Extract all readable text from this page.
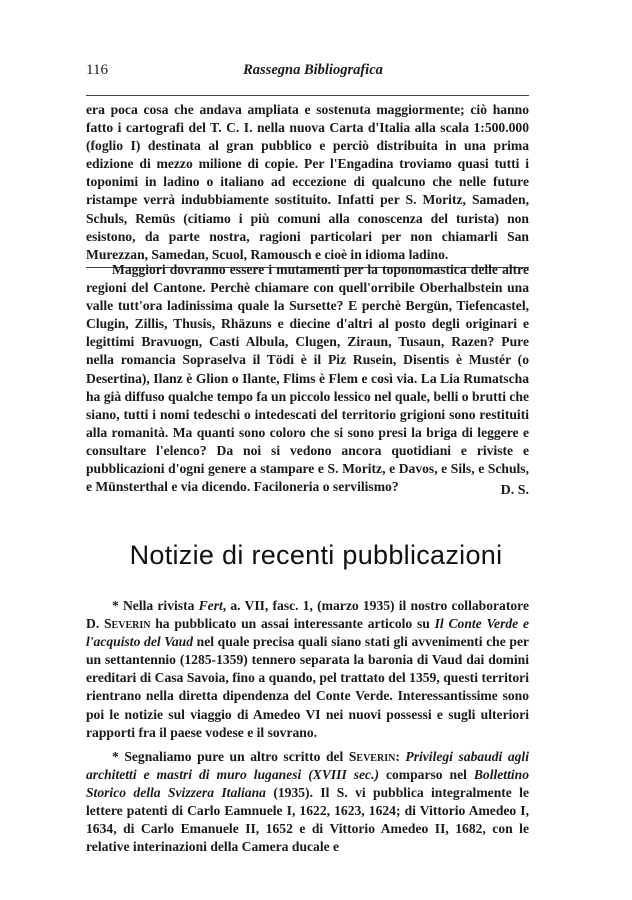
116	Rassegna Bibliografica

era poca cosa che andava ampliata e sostenuta maggiormente; ciò hanno fatto i cartografi del T. C. I. nella nuova Carta d'Italia alla scala 1:500.000 (foglio I) destinata al gran pubblico e perciò distribuita in una prima edizione di mezzo milione di copie. Per l'Engadina troviamo quasi tutti i toponimi in ladino o italiano ad eccezione di qualcuno che nelle future ristampe verrà indubbiamente sostituito. Infatti per S. Moritz, Samaden, Schuls, Remüs (citiamo i più comuni alla conoscenza del turista) non esistono, da parte nostra, ragioni particolari per non chiamarli San Murezzan, Samedan, Scuol, Ramousch e cioè in idioma ladino.

Maggiori dovranno essere i mutamenti per la toponomastica delle altre regioni del Cantone. Perchè chiamare con quell'orribile Oberhalbstein una valle tutt'ora ladinissima quale la Sursette? E perchè Bergün, Tiefencastel, Clugin, Zillis, Thusis, Rhäzuns e diecine d'altri al posto degli originari e legittimi Bravuogn, Casti Albula, Clugen, Ziraun, Tusaun, Razen? Pure nella romancia Sopraselva il Tödi è il Piz Rusein, Disentis è Mustér (o Desertina), Ilanz è Glion o Ilante, Flims è Flem e così via. La Lia Rumatscha ha già diffuso qualche tempo fa un piccolo lessico nel quale, belli o brutti che siano, tutti i nomi tedeschi o intedescati del territorio grigioni sono restituiti alla romanità. Ma quanti sono coloro che si sono presi la briga di leggere e consultare l'elenco? Da noi si vedono ancora quotidiani e riviste e pubblicazioni d'ogni genere a stampare e S. Moritz, e Davos, e Sils, e Schuls, e Münsterthal e via dicendo. Faciloneria o servilismo?	D. S.
Notizie di recenti pubblicazioni

* Nella rivista Fert, a. VII, fasc. 1, (marzo 1935) il nostro collaboratore D. Severin ha pubblicato un assai interessante articolo su Il Conte Verde e l'acquisto del Vaud nel quale precisa quali siano stati gli avvenimenti che per un settantennio (1285-1359) tennero separata la baronia di Vaud dai domini ereditari di Casa Savoia, fino a quando, pel trattato del 1359, questi territori rientrano nella diretta dipendenza del Conte Verde. Interessantissime sono poi le notizie sul viaggio di Amedeo VI nei nuovi possessi e sugli ulteriori rapporti fra il paese vodese e il sovrano.

* Segnaliamo pure un altro scritto del Severin: Privilegi sabaudi agli architetti e mastri di muro luganesi (XVIII sec.) comparso nel Bollettino Storico della Svizzera Italiana (1935). Il S. vi pubblica integralmente le lettere patenti di Carlo Eamnuele I, 1622, 1623, 1624; di Vittorio Amedeo I, 1634, di Carlo Emanuele II, 1652 e di Vittorio Amedeo II, 1682, con le relative interinazioni della Camera ducale e
